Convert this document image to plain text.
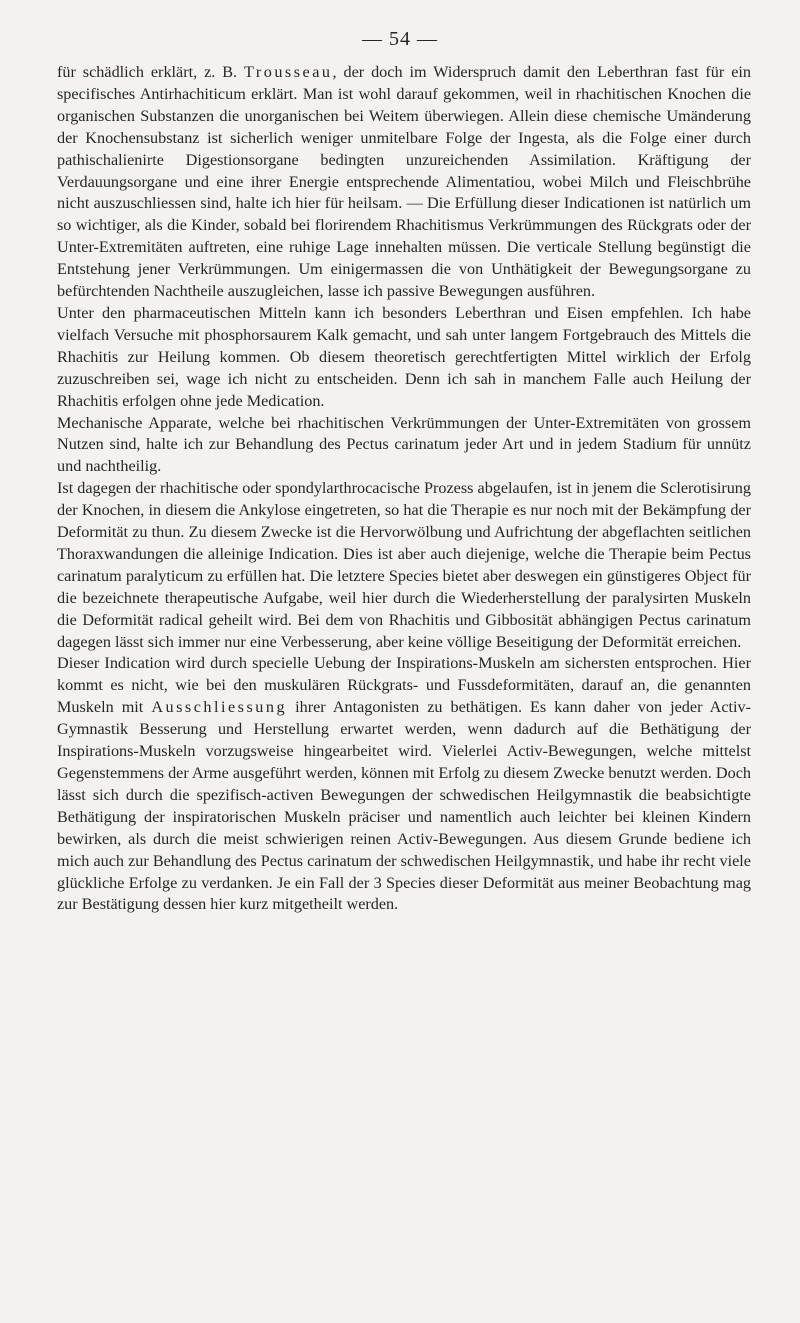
— 54 —

für schädlich erklärt, z. B. Trousseau, der doch im Widerspruch damit den Leberthran fast für ein specifisches Antirhachiticum erklärt. Man ist wohl darauf gekommen, weil in rhachitischen Knochen die organischen Substanzen die unorganischen bei Weitem überwiegen. Allein diese chemische Umänderung der Knochensubstanz ist sicherlich weniger unmitelbare Folge der Ingesta, als die Folge einer durch pathischalienirte Digestionsorgane bedingten unzureichenden Assimilation. Kräftigung der Verdauungsorgane und eine ihrer Energie entsprechende Alimentatiou, wobei Milch und Fleischbrühe nicht auszuschliessen sind, halte ich hier für heilsam. — Die Erfüllung dieser Indicationen ist natürlich um so wichtiger, als die Kinder, sobald bei florirendem Rhachitismus Verkrümmungen des Rückgrats oder der Unter-Extremitäten auftreten, eine ruhige Lage innehalten müssen. Die verticale Stellung begünstigt die Entstehung jener Verkrümmungen. Um einigermassen die von Unthätigkeit der Bewegungsorgane zu befürchtenden Nachtheile auszugleichen, lasse ich passive Bewegungen ausführen.

Unter den pharmaceutischen Mitteln kann ich besonders Leberthran und Eisen empfehlen. Ich habe vielfach Versuche mit phosphorsaurem Kalk gemacht, und sah unter langem Fortgebrauch des Mittels die Rhachitis zur Heilung kommen. Ob diesem theoretisch gerechtfertigten Mittel wirklich der Erfolg zuzuschreiben sei, wage ich nicht zu entscheiden. Denn ich sah in manchem Falle auch Heilung der Rhachitis erfolgen ohne jede Medication.

Mechanische Apparate, welche bei rhachitischen Verkrümmungen der Unter-Extremitäten von grossem Nutzen sind, halte ich zur Behandlung des Pectus carinatum jeder Art und in jedem Stadium für unnütz und nachtheilig.

Ist dagegen der rhachitische oder spondylarthrocacische Prozess abgelaufen, ist in jenem die Sclerotisirung der Knochen, in diesem die Ankylose eingetreten, so hat die Therapie es nur noch mit der Bekämpfung der Deformität zu thun. Zu diesem Zwecke ist die Hervorwölbung und Aufrichtung der abgeflachten seitlichen Thoraxwandungen die alleinige Indication. Dies ist aber auch diejenige, welche die Therapie beim Pectus carinatum paralyticum zu erfüllen hat. Die letztere Species bietet aber deswegen ein günstigeres Object für die bezeichnete therapeutische Aufgabe, weil hier durch die Wiederherstellung der paralysirten Muskeln die Deformität radical geheilt wird. Bei dem von Rhachitis und Gibbosität abhängigen Pectus carinatum dagegen lässt sich immer nur eine Verbesserung, aber keine völlige Beseitigung der Deformität erreichen.

Dieser Indication wird durch specielle Uebung der Inspirations-Muskeln am sichersten entsprochen. Hier kommt es nicht, wie bei den muskulären Rückgrats- und Fussdeformitäten, darauf an, die genannten Muskeln mit Ausschliessung ihrer Antagonisten zu bethätigen. Es kann daher von jeder Activ-Gymnastik Besserung und Herstellung erwartet werden, wenn dadurch auf die Bethätigung der Inspirations-Muskeln vorzugsweise hingearbeitet wird. Vielerlei Activ-Bewegungen, welche mittelst Gegenstemmens der Arme ausgeführt werden, können mit Erfolg zu diesem Zwecke benutzt werden. Doch lässt sich durch die spezifisch-activen Bewegungen der schwedischen Heilgymnastik die beabsichtigte Bethätigung der inspiratorischen Muskeln präciser und namentlich auch leichter bei kleinen Kindern bewirken, als durch die meist schwierigen reinen Activ-Bewegungen. Aus diesem Grunde bediene ich mich auch zur Behandlung des Pectus carinatum der schwedischen Heilgymnastik, und habe ihr recht viele glückliche Erfolge zu verdanken. Je ein Fall der 3 Species dieser Deformität aus meiner Beobachtung mag zur Bestätigung dessen hier kurz mitgetheilt werden.
